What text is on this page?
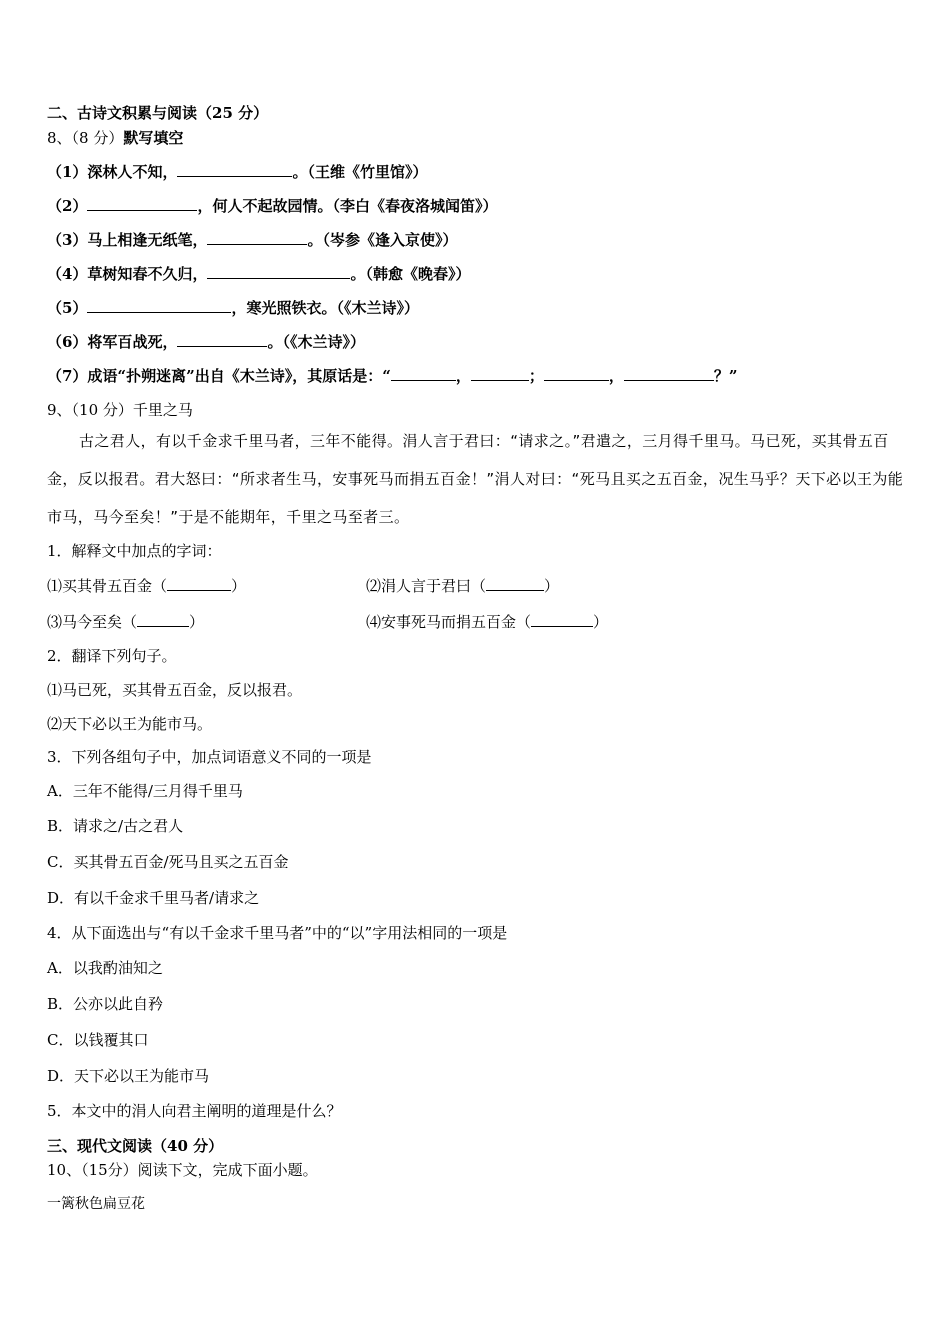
二、古诗文积累与阅读（25 分）
8、（8 分）默写填空
（1）深林人不知，	。（王维《竹里馆》）
（2）	，何人不起故园情。（李白《春夜洛城闻笛》）
（3）马上相逢无纸笔，	。（岑参《逢入京使》）
（4）草树知春不久归，	。（韩愈《晚春》）
（5）	，寒光照铁衣。（《木兰诗》）
（6）将军百战死，	。（《木兰诗》）
（7）成语“扑朔迷离”出自《木兰诗》，其原话是：“	，	；	，	？”
9、（10 分）千里之马
古之君人，有以千金求千里马者，三年不能得。涓人言于君曰：“请求之。”君遣之，三月得千里马。马已死，买其骨五百金，反以报君。君大怒曰：“所求者生马，安事死马而捐五百金！”涓人对曰：“死马且买之五百金，况生马乎？天下必以王为能市马，马今至矣！”于是不能期年，千里之马至者三。
1．解释文中加点的字词：
⑴买其骨五百金（	）	⑵涓人言于君曰（	）
⑶马今至矣（	）	⑷安事死马而捐五百金（	）
2．翻译下列句子。
⑴马已死，买其骨五百金，反以报君。
⑵天下必以王为能市马。
3．下列各组句子中，加点词语意义不同的一项是
A．三年不能得/三月得千里马
B．请求之/古之君人
C．买其骨五百金/死马且买之五百金
D．有以千金求千里马者/请求之
4．从下面选出与“有以千金求千里马者”中的“以”字用法相同的一项是
A．以我酌油知之
B．公亦以此自矜
C．以钱覆其口
D．天下必以王为能市马
5．本文中的涓人向君主阐明的道理是什么？
三、现代文阅读（40 分）
10、（15分）阅读下文，完成下面小题。
一篱秋色扁豆花
